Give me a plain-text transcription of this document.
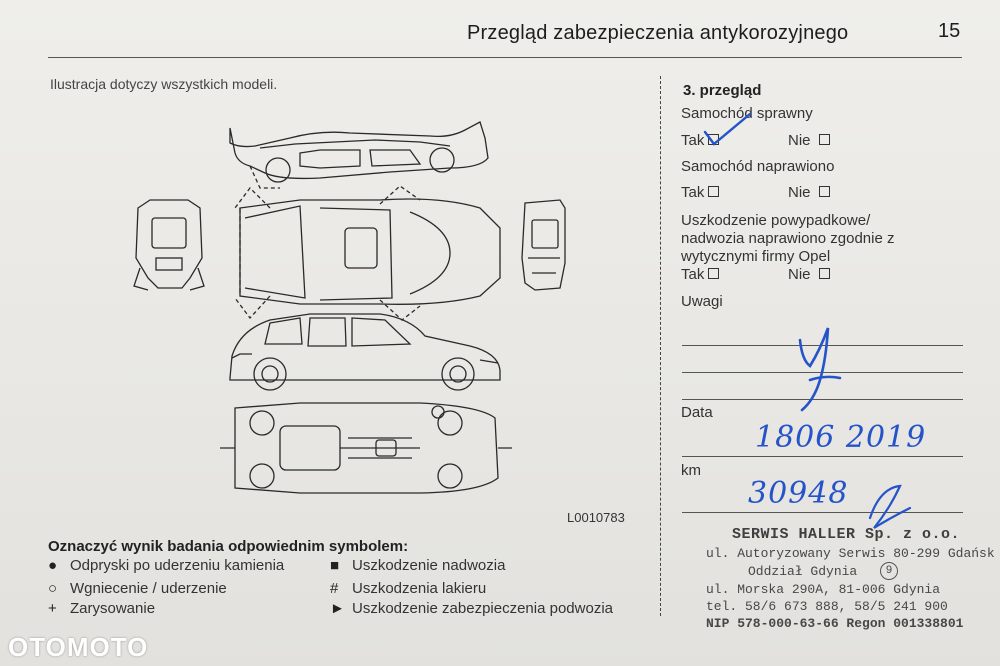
Przegląd zabezpieczenia antykorozyjnego	15
Ilustracja dotyczy wszystkich modeli.
L0010783
Oznaczyć wynik badania odpowiednim symbolem:
● Odpryski po uderzeniu kamienia	■ Uszkodzenie nadwozia
○ Wgniecenie / uderzenie	# Uszkodzenia lakieru
+ Zarysowanie	► Uszkodzenie zabezpieczenia podwozia
3. przegląd
Samochód sprawny
Tak	Nie
Samochód naprawiono
Tak	Nie
Uszkodzenie powypadkowe/
nadwozia naprawiono zgodnie z
wytycznymi firmy Opel
Tak	Nie
Uwagi
Data
1806 2019
km
30948
SERWIS HALLER Sp. z o.o.
ul. Autoryzowany Serwis 80-299 Gdańsk
Oddział Gdynia	9
ul. Morska 290A, 81-006 Gdynia
tel. 58/6 673 888, 58/5 241 900
NIP 578-000-63-66 Regon 001338801
OTOMOTO
